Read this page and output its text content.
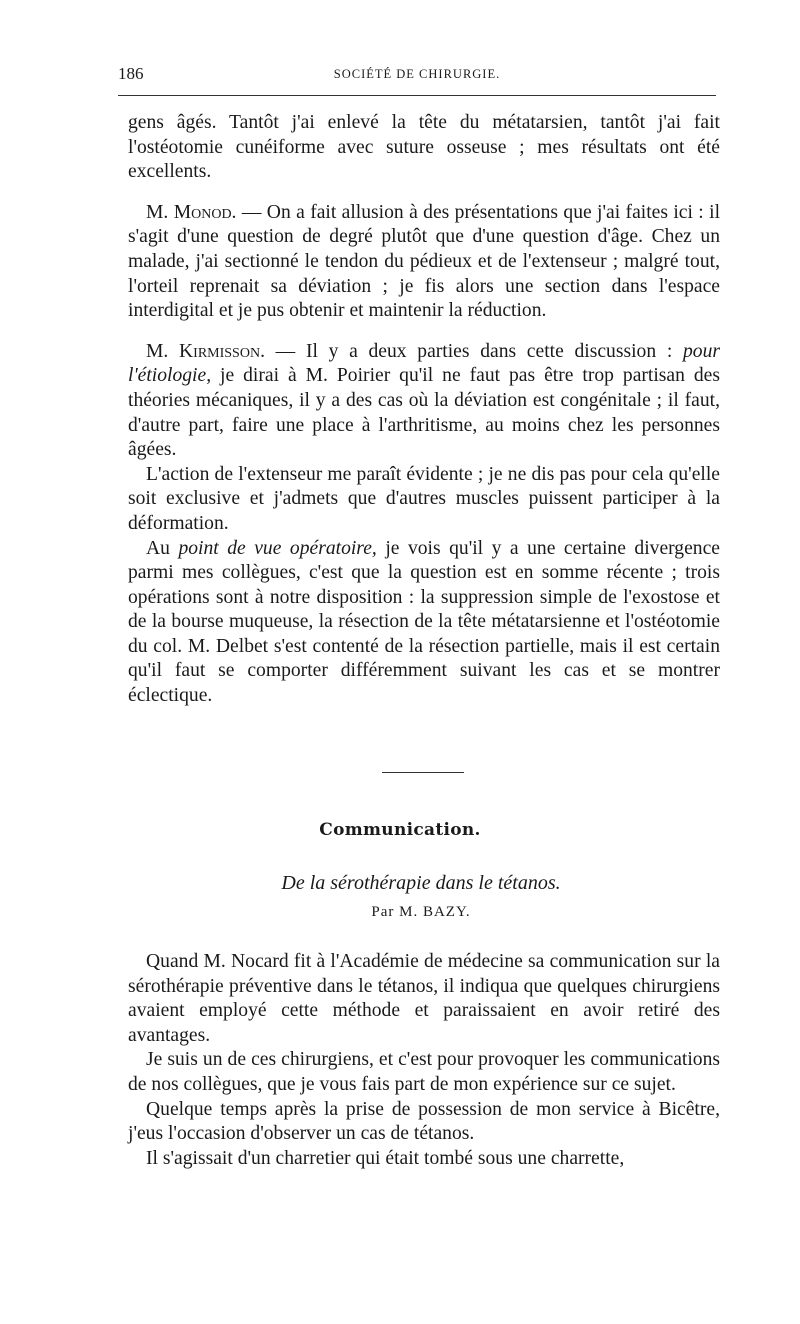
186	SOCIÉTÉ DE CHIRURGIE.

gens âgés. Tantôt j'ai enlevé la tête du métatarsien, tantôt j'ai fait
l'ostéotomie cunéiforme avec suture osseuse ; mes résultats ont été
excellents.

M. Monod. — On a fait allusion à des présentations que j'ai faites ici : il s'agit d'une question de degré plutôt que d'une question d'âge. Chez un malade, j'ai sectionné le tendon du pédieux et de l'extenseur ; malgré tout, l'orteil reprenait sa déviation ; je fis alors une section dans l'espace interdigital et je pus obtenir et maintenir la réduction.

M. Kirmisson. — Il y a deux parties dans cette discussion : pour l'étiologie, je dirai à M. Poirier qu'il ne faut pas être trop partisan des théories mécaniques, il y a des cas où la déviation est congénitale ; il faut, d'autre part, faire une place à l'arthritisme, au moins chez les personnes âgées.

L'action de l'extenseur me paraît évidente ; je ne dis pas pour cela qu'elle soit exclusive et j'admets que d'autres muscles puissent participer à la déformation.

Au point de vue opératoire, je vois qu'il y a une certaine divergence parmi mes collègues, c'est que la question est en somme récente ; trois opérations sont à notre disposition : la suppression simple de l'exostose et de la bourse muqueuse, la résection de la tête métatarsienne et l'ostéotomie du col. M. Delbet s'est contenté de la résection partielle, mais il est certain qu'il faut se comporter différemment suivant les cas et se montrer éclectique.

Communication.
De la sérothérapie dans le tétanos.
Par M. BAZY.

Quand M. Nocard fit à l'Académie de médecine sa communication sur la sérothérapie préventive dans le tétanos, il indiqua que quelques chirurgiens avaient employé cette méthode et paraissaient en avoir retiré des avantages.

Je suis un de ces chirurgiens, et c'est pour provoquer les communications de nos collègues, que je vous fais part de mon expérience sur ce sujet.

Quelque temps après la prise de possession de mon service à Bicêtre, j'eus l'occasion d'observer un cas de tétanos.

Il s'agissait d'un charretier qui était tombé sous une charrette,
